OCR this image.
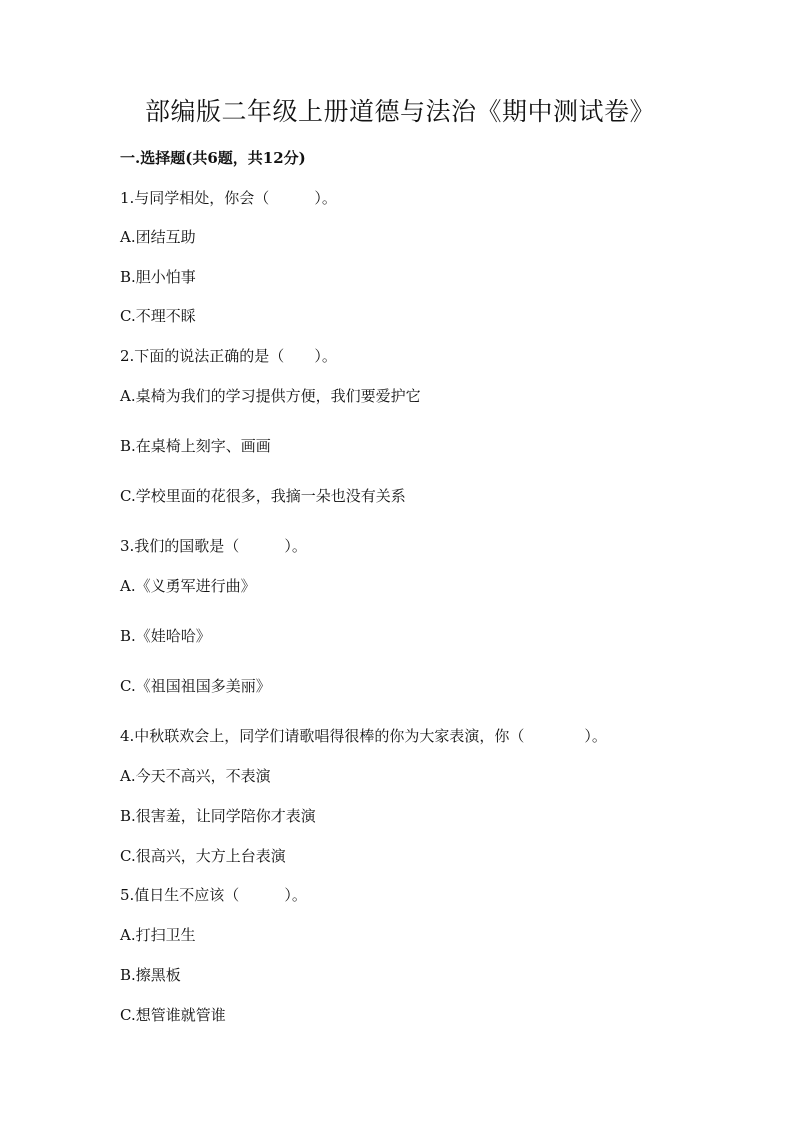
部编版二年级上册道德与法治《期中测试卷》
一.选择题(共6题，共12分)
1.与同学相处，你会（　　　）。
A.团结互助
B.胆小怕事
C.不理不睬
2.下面的说法正确的是（　　）。
A.桌椅为我们的学习提供方便，我们要爱护它
B.在桌椅上刻字、画画
C.学校里面的花很多，我摘一朵也没有关系
3.我们的国歌是（　　　）。
A.《义勇军进行曲》
B.《娃哈哈》
C.《祖国祖国多美丽》
4.中秋联欢会上，同学们请歌唱得很棒的你为大家表演，你（　　　　）。
A.今天不高兴，不表演
B.很害羞，让同学陪你才表演
C.很高兴，大方上台表演
5.值日生不应该（　　　）。
A.打扫卫生
B.擦黑板
C.想管谁就管谁
